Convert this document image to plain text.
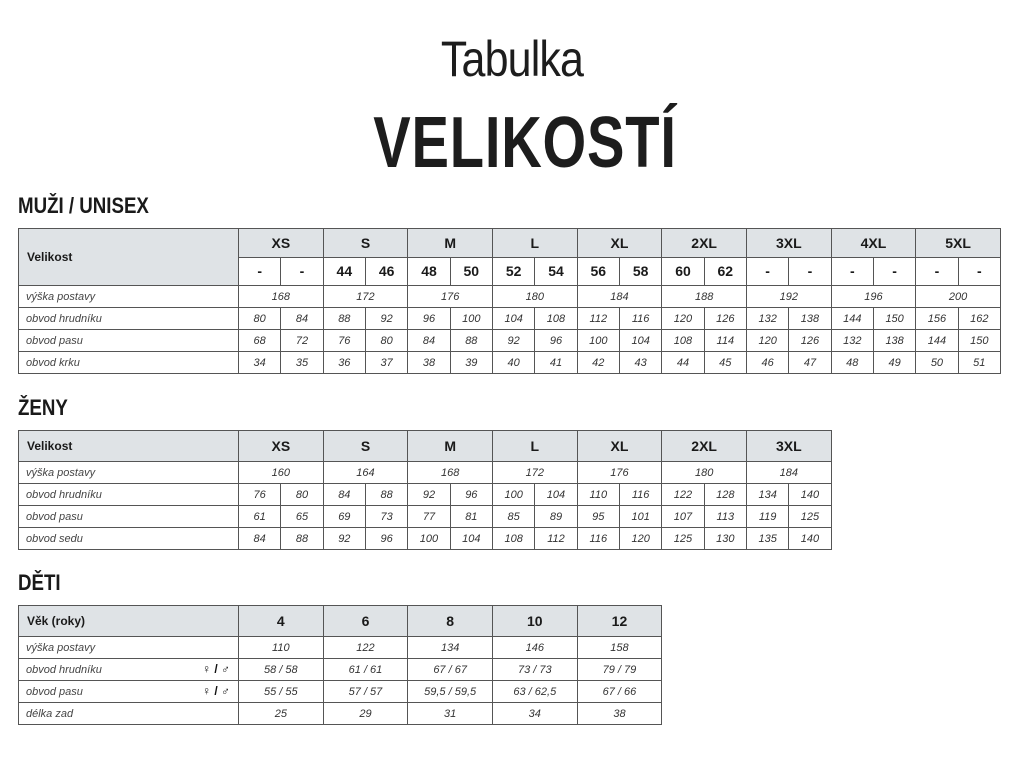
Tabulka
VELIKOSTÍ
MUŽI / UNISEX
Velikost	XS		S		M		L		XL		2XL		3XL		4XL		5XL	
	-	-	44	46	48	50	52	54	56	58	60	62	-	-	-	-	-	-
výška postavy	168		172		176		180		184		188		192		196		200	
obvod hrudníku	80	84	88	92	96	100	104	108	112	116	120	126	132	138	144	150	156	162
obvod pasu	68	72	76	80	84	88	92	96	100	104	108	114	120	126	132	138	144	150
obvod krku	34	35	36	37	38	39	40	41	42	43	44	45	46	47	48	49	50	51
ŽENY
Velikost	XS		S		M		L		XL		2XL		3XL	
výška postavy	160		164		168		172		176		180		184	
obvod hrudníku	76	80	84	88	92	96	100	104	110	116	122	128	134	140
obvod pasu	61	65	69	73	77	81	85	89	95	101	107	113	119	125
obvod sedu	84	88	92	96	100	104	108	112	116	120	125	130	135	140
DĚTI
Věk (roky)	4	6	8	10	12
výška postavy	110	122	134	146	158
obvod hrudníku ♀ / ♂	58 / 58	61 / 61	67 / 67	73 / 73	79 / 79
obvod pasu ♀ / ♂	55 / 55	57 / 57	59,5 / 59,5	63 / 62,5	67 / 66
délka zad	25	29	31	34	38
